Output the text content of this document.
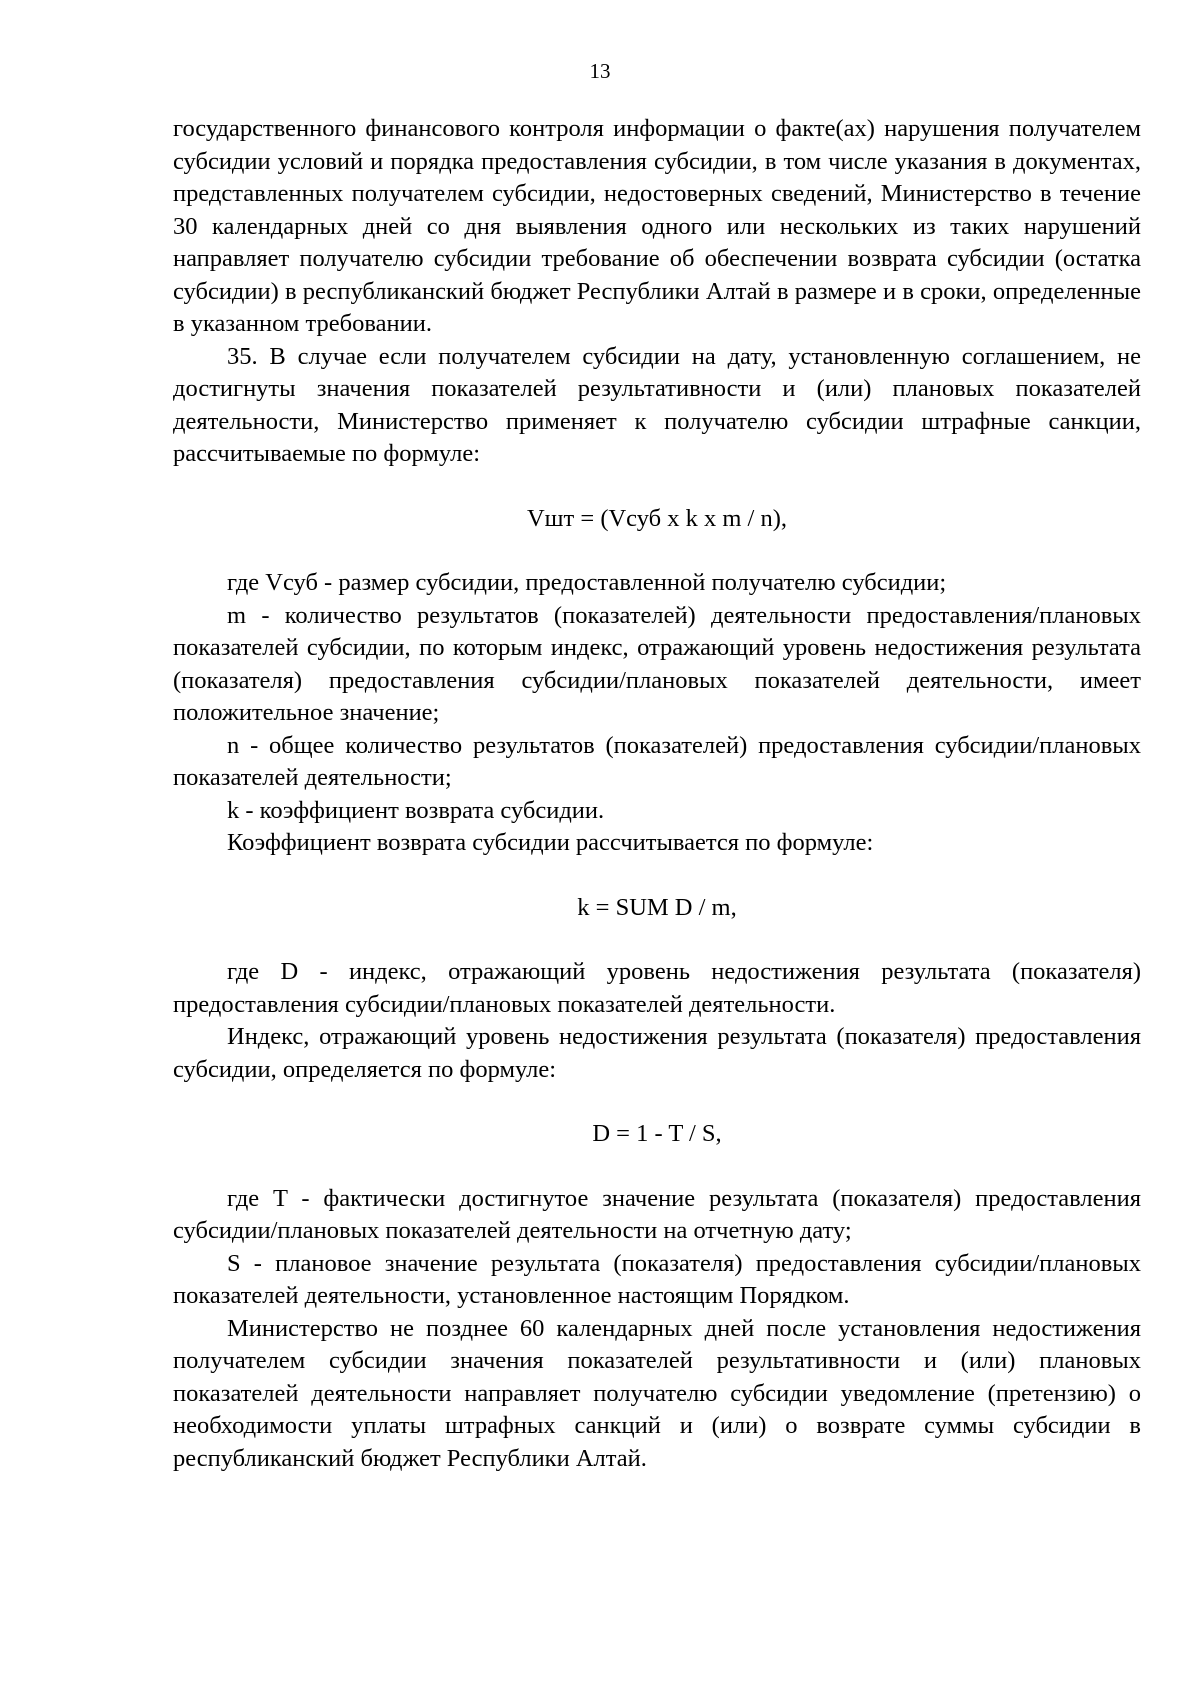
13

государственного финансового контроля информации о факте(ах) нарушения получателем субсидии условий и порядка предоставления субсидии, в том числе указания в документах, представленных получателем субсидии, недостоверных сведений, Министерство в течение 30 календарных дней со дня выявления одного или нескольких из таких нарушений направляет получателю субсидии требование об обеспечении возврата субсидии (остатка субсидии) в республиканский бюджет Республики Алтай в размере и в сроки, определенные в указанном требовании.

35. В случае если получателем субсидии на дату, установленную соглашением, не достигнуты значения показателей результативности и (или) плановых показателей деятельности, Министерство применяет к получателю субсидии штрафные санкции, рассчитываемые по формуле:

Vшт = (Vсуб x k x m / n),

где Vсуб - размер субсидии, предоставленной получателю субсидии;

m - количество результатов (показателей) деятельности предоставления/плановых показателей субсидии, по которым индекс, отражающий уровень недостижения результата (показателя) предоставления субсидии/плановых показателей деятельности, имеет положительное значение;

n - общее количество результатов (показателей) предоставления субсидии/плановых показателей деятельности;

k - коэффициент возврата субсидии.

Коэффициент возврата субсидии рассчитывается по формуле:

k = SUM D / m,

где D - индекс, отражающий уровень недостижения результата (показателя) предоставления субсидии/плановых показателей деятельности.

Индекс, отражающий уровень недостижения результата (показателя) предоставления субсидии, определяется по формуле:

D = 1 - T / S,

где T - фактически достигнутое значение результата (показателя) предоставления субсидии/плановых показателей деятельности на отчетную дату;

S - плановое значение результата (показателя) предоставления субсидии/плановых показателей деятельности, установленное настоящим Порядком.

Министерство не позднее 60 календарных дней после установления недостижения получателем субсидии значения показателей результативности и (или) плановых показателей деятельности направляет получателю субсидии уведомление (претензию) о необходимости уплаты штрафных санкций и (или) о возврате суммы субсидии в республиканский бюджет Республики Алтай.
